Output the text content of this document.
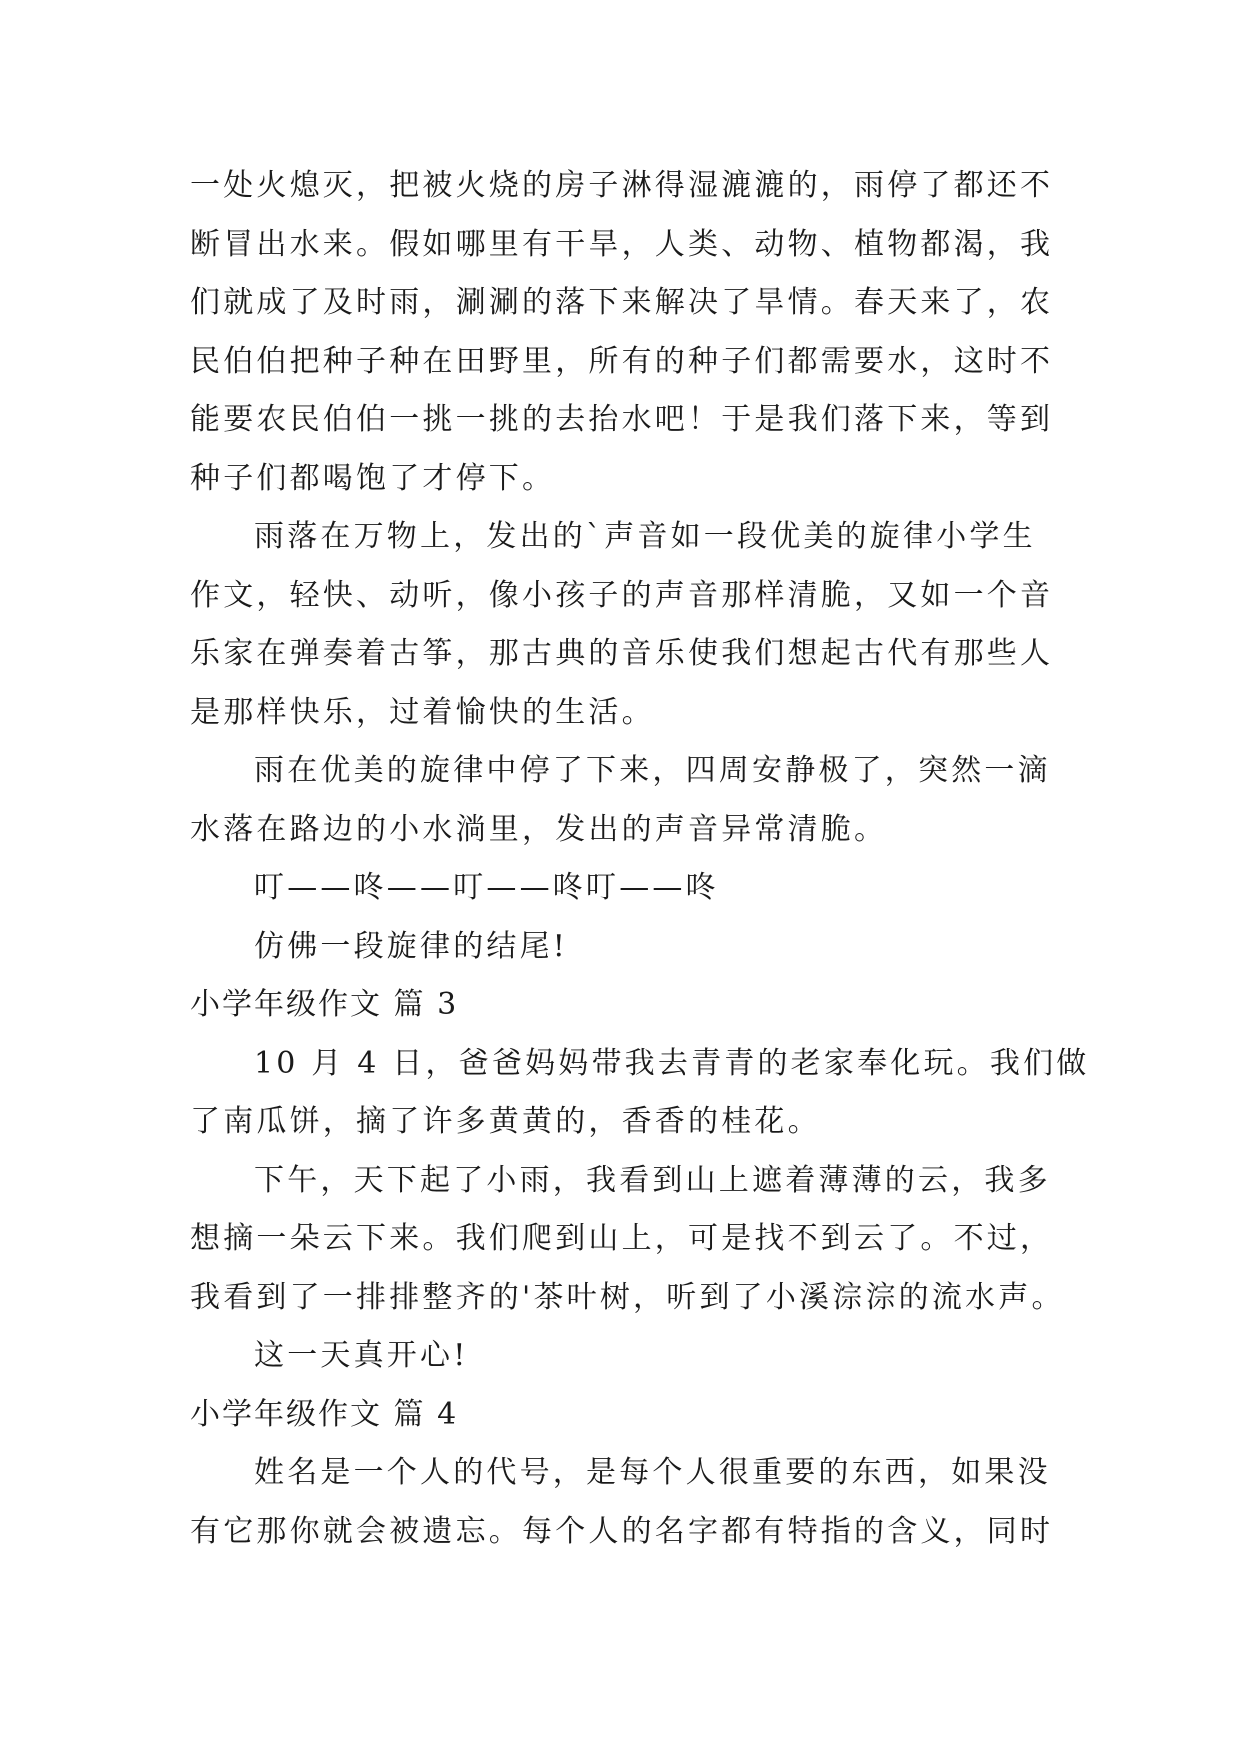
一处火熄灭，把被火烧的房子淋得湿漉漉的，雨停了都还不
断冒出水来。假如哪里有干旱，人类、动物、植物都渴，我
们就成了及时雨，涮涮的落下来解决了旱情。春天来了，农
民伯伯把种子种在田野里，所有的种子们都需要水，这时不
能要农民伯伯一挑一挑的去抬水吧！于是我们落下来，等到
种子们都喝饱了才停下。
雨落在万物上，发出的`声音如一段优美的旋律小学生
作文，轻快、动听，像小孩子的声音那样清脆，又如一个音
乐家在弹奏着古筝，那古典的音乐使我们想起古代有那些人
是那样快乐，过着愉快的生活。
雨在优美的旋律中停了下来，四周安静极了，突然一滴
水落在路边的小水淌里，发出的声音异常清脆。
叮——咚——叮——咚叮——咚
仿佛一段旋律的结尾!
小学年级作文 篇 3
10 月 4 日，爸爸妈妈带我去青青的老家奉化玩。我们做
了南瓜饼，摘了许多黄黄的，香香的桂花。
下午，天下起了小雨，我看到山上遮着薄薄的云，我多
想摘一朵云下来。我们爬到山上，可是找不到云了。不过，
我看到了一排排整齐的'茶叶树，听到了小溪淙淙的流水声。
这一天真开心!
小学年级作文 篇 4
姓名是一个人的代号，是每个人很重要的东西，如果没
有它那你就会被遗忘。每个人的名字都有特指的含义，同时
